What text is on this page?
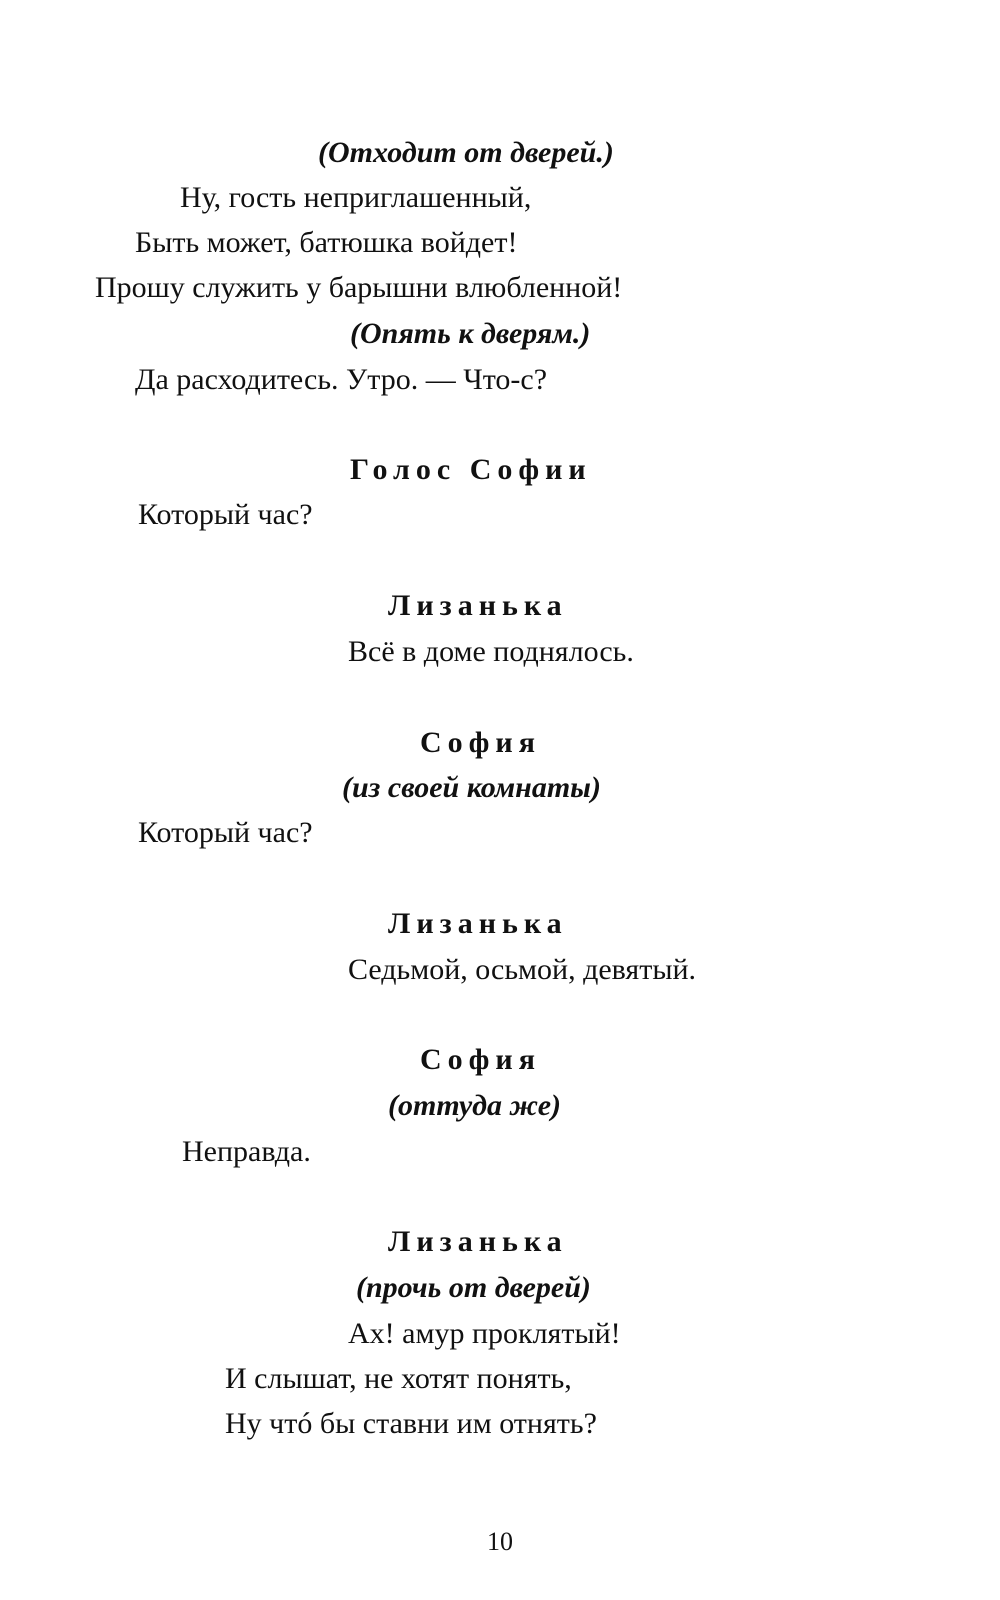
(Отходит от дверей.)

Ну, гость неприглашенный,

Быть может, батюшка войдет!

Прошу служить у барышни влюбленной!

(Опять к дверям.)

Да расходитесь. Утро. — Что-с?

Голос Софии

Который час?

Лизанька

Всё в доме поднялось.

София

(из своей комнаты)

Который час?

Лизанька

Седьмой, осьмой, девятый.

София

(оттуда же)

Неправда.

Лизанька

(прочь от дверей)

Ах! амур проклятый!

И слышат, не хотят понять,

Ну чтó бы ставни им отнять?

10
